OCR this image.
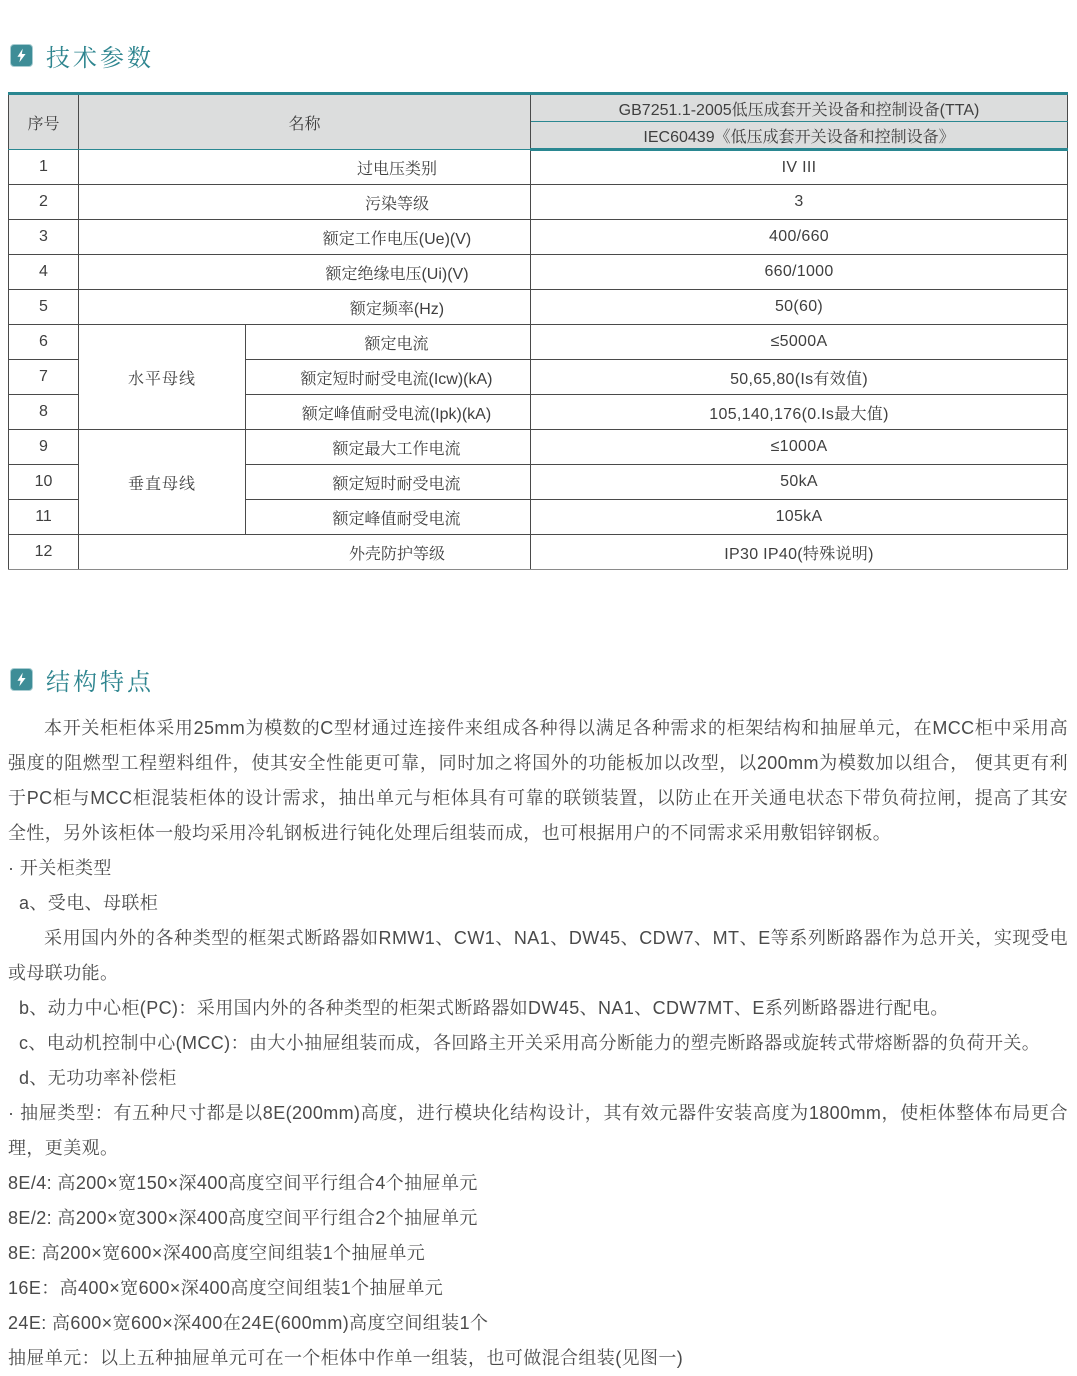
技术参数
序号	名称		GB7251.1-2005低压成套开关设备和控制设备(TTA)
			IEC60439《低压成套开关设备和控制设备》
1	过电压类别		IV III
2	污染等级		3
3	额定工作电压(Ue)(V)		400/660
4	额定绝缘电压(Ui)(V)		660/1000
5	额定频率(Hz)		50(60)
6	水平母线	额定电流	≤5000A
7		额定短时耐受电流(Icw)(kA)	50,65,80(Is有效值)
8		额定峰值耐受电流(Ipk)(kA)	105,140,176(0.Is最大值)
9	垂直母线	额定最大工作电流	≤1000A
10		额定短时耐受电流	50kA
11		额定峰值耐受电流	105kA
12	外壳防护等级		IP30 IP40(特殊说明)
结构特点

本开关柜柜体采用25mm为模数的C型材通过连接件来组成各种得以满足各种需求的柜架结构和抽屉单元，在MCC柜中采用高强度的阻燃型工程塑料组件，使其安全性能更可靠，同时加之将国外的功能板加以改型，以200mm为模数加以组合， 便其更有利于PC柜与MCC柜混装柜体的设计需求，抽出单元与柜体具有可靠的联锁装置，以防止在开关通电状态下带负荷拉闸，提高了其安全性，另外该柜体一般均采用冷轧钢板进行钝化处理后组装而成，也可根据用户的不同需求采用敷铝锌钢板。

· 开关柜类型

a、受电、母联柜

采用国内外的各种类型的框架式断路器如RMW1、CW1、NA1、DW45、CDW7、MT、E等系列断路器作为总开关，实现受电或母联功能。

b、动力中心柜(PC)：采用国内外的各种类型的柜架式断路器如DW45、NA1、CDW7MT、E系列断路器进行配电。

c、电动机控制中心(MCC)：由大小抽屉组装而成，各回路主开关采用高分断能力的塑壳断路器或旋转式带熔断器的负荷开关。

d、无功功率补偿柜

· 抽屉类型：有五种尺寸都是以8E(200mm)高度，进行模块化结构设计，其有效元器件安装高度为1800mm，使柜体整体布局更合理，更美观。

8E/4: 高200×宽150×深400高度空间平行组合4个抽屉单元

8E/2: 高200×宽300×深400高度空间平行组合2个抽屉单元

8E: 高200×宽600×深400高度空间组装1个抽屉单元

16E：高400×宽600×深400高度空间组装1个抽屉单元

24E: 高600×宽600×深400在24E(600mm)高度空间组装1个

抽屉单元：以上五种抽屉单元可在一个柜体中作单一组装，也可做混合组装(见图一)
